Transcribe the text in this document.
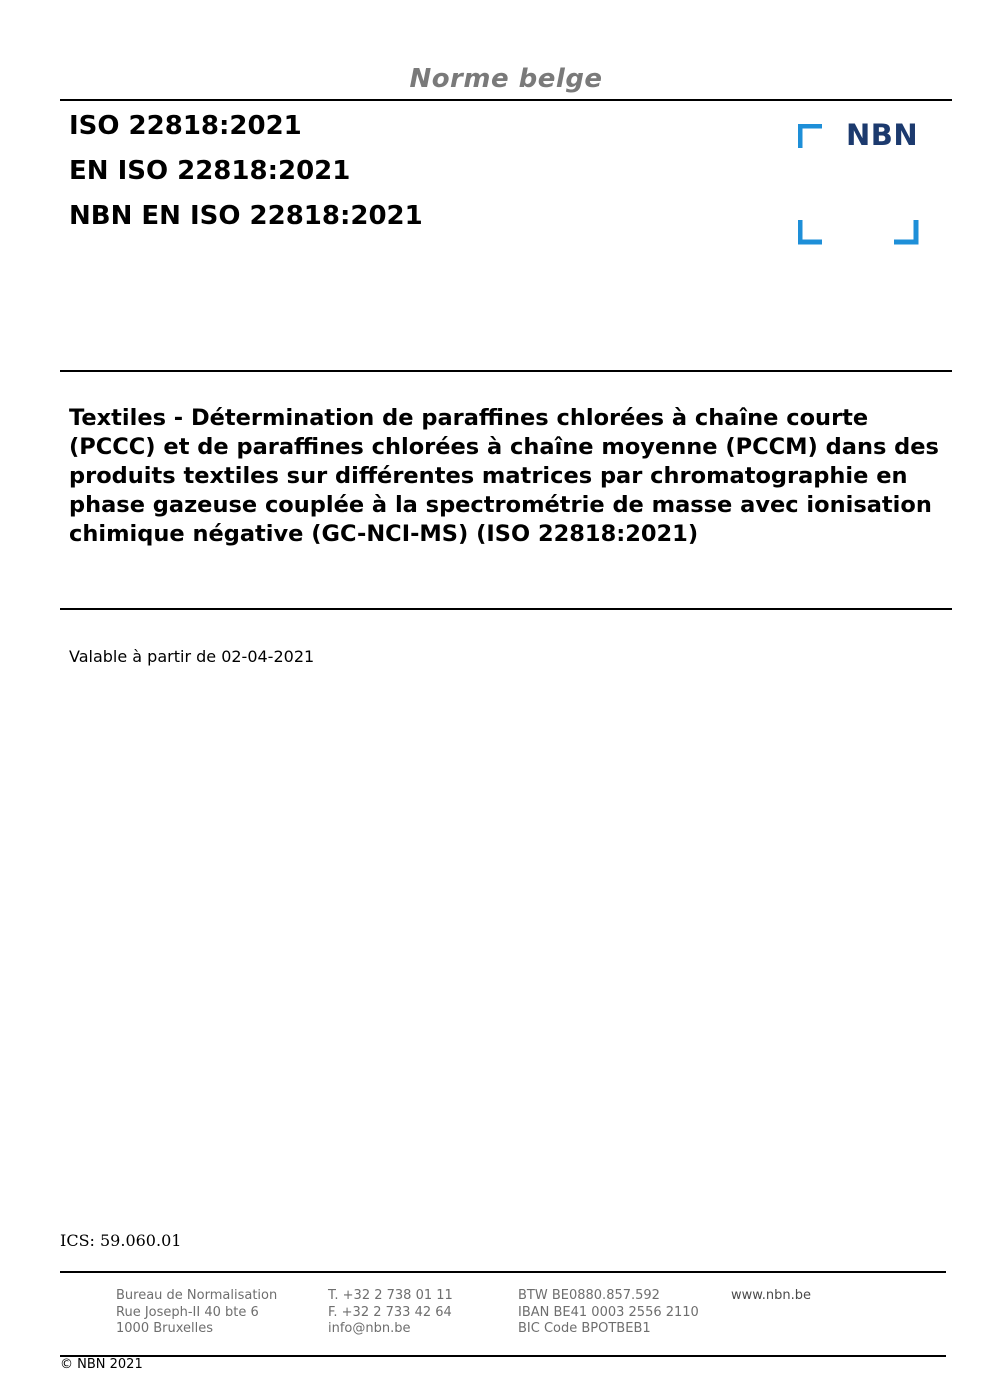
Norme belge
ISO 22818:2021
EN ISO 22818:2021
NBN EN ISO 22818:2021
NBN
Textiles - Détermination de paraffines chlorées à chaîne courte (PCCC) et de paraffines chlorées à chaîne moyenne (PCCM) dans des produits textiles sur différentes matrices par chromatographie en phase gazeuse couplée à la spectrométrie de masse avec ionisation chimique négative (GC-NCI-MS) (ISO 22818:2021)
Valable à partir de 02-04-2021
ICS: 59.060.01
Bureau de Normalisation
Rue Joseph-II 40 bte 6
1000 Bruxelles
T. +32 2 738 01 11
F. +32 2 733 42 64
info@nbn.be
BTW BE0880.857.592
IBAN BE41 0003 2556 2110
BIC Code BPOTBEB1
www.nbn.be
© NBN 2021
